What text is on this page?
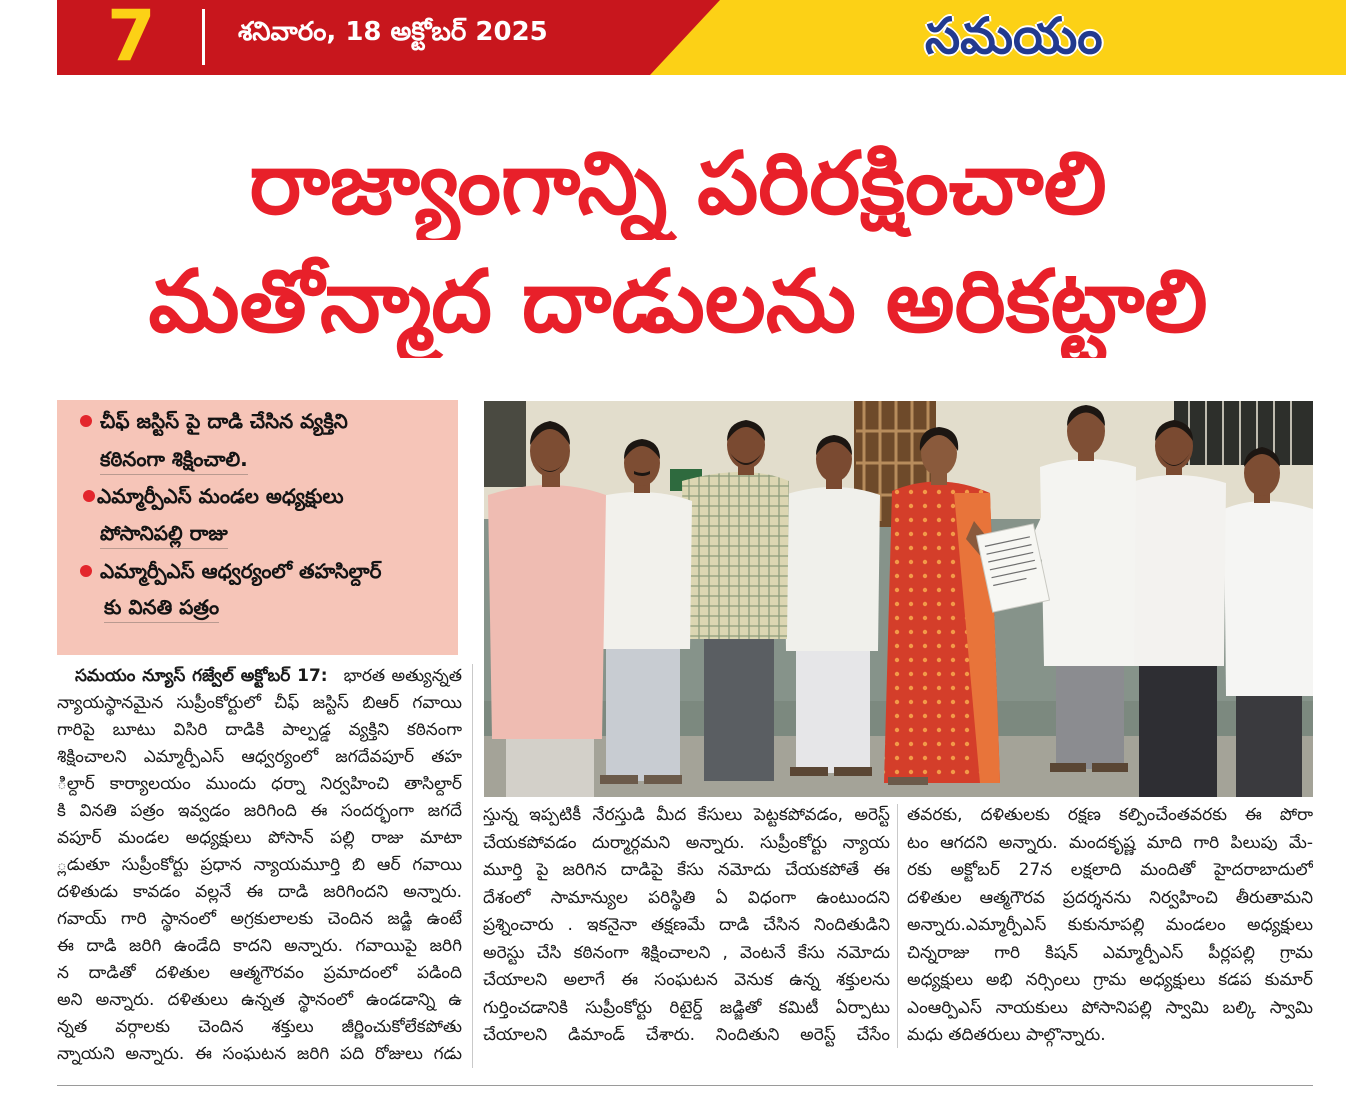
7	శనివారం, 18 అక్టోబర్ 2025	సమయం
రాజ్యాంగాన్ని పరిరక్షించాలి
మతోన్మాద దాడులను అరికట్టాలి
చీఫ్ జస్టిస్ పై దాడి చేసిన వ్యక్తిని
కఠినంగా శిక్షించాలి.
ఎమ్మార్పీఎస్ మండల అధ్యక్షులు
పోసానిపల్లి రాజు
ఎమ్మార్పీఎస్ ఆధ్వర్యంలో తహసిల్దార్
కు వినతి పత్రం
సమయం న్యూస్ గజ్వేల్ అక్టోబర్ 17: భారత అత్యున్నత
న్యాయస్థానమైన సుప్రీంకోర్టులో చీఫ్ జస్టిస్ బిఆర్ గవాయి
గారిపై బూటు విసిరి దాడికి పాల్పడ్డ వ్యక్తిని కఠినంగా
శిక్షించాలని ఎమ్మార్పీఎస్ ఆధ్వర్యంలో జగదేవపూర్ తహ
ిల్దార్ కార్యాలయం ముందు ధర్నా నిర్వహించి తాసిల్దార్
కి వినతి పత్రం ఇవ్వడం జరిగింది ఈ సందర్భంగా జగదే
వపూర్ మండల అధ్యక్షులు పోసాన్ పల్లి రాజు మాటా
్లడుతూ సుప్రీంకోర్టు ప్రధాన న్యాయమూర్తి బి ఆర్ గవాయి
దళితుడు కావడం వల్లనే ఈ దాడి జరిగిందని అన్నారు.
గవాయ్ గారి స్థానంలో అగ్రకులాలకు చెందిన జడ్జి ఉంటే
ఈ దాడి జరిగి ఉండేది కాదని అన్నారు. గవాయిపై జరిగి
న దాడితో దళితుల ఆత్మగౌరవం ప్రమాదంలో పడింది
అని అన్నారు. దళితులు ఉన్నత స్థానంలో ఉండడాన్ని ఉ
న్నత వర్గాలకు చెందిన శక్తులు జీర్ణించుకోలేకపోతు
న్నాయని అన్నారు. ఈ సంఘటన జరిగి పది రోజులు గడు
స్తున్న ఇప్పటికీ నేరస్తుడి మీద కేసులు పెట్టకపోవడం, అరెస్ట్
చేయకపోవడం దుర్మార్గమని అన్నారు. సుప్రీంకోర్టు న్యాయ
మూర్తి పై జరిగిన దాడిపై కేసు నమోదు చేయకపోతే ఈ
దేశంలో సామాన్యుల పరిస్థితి ఏ విధంగా ఉంటుందని
ప్రశ్నించారు . ఇకనైనా తక్షణమే దాడి చేసిన నిందితుడిని
అరెస్టు చేసి కఠినంగా శిక్షించాలని , వెంటనే కేసు నమోదు
చేయాలని అలాగే ఈ సంఘటన వెనుక ఉన్న శక్తులను
గుర్తించడానికి సుప్రీంకోర్టు రిటైర్డ్ జడ్జితో కమిటీ ఏర్పాటు
చేయాలని డిమాండ్ చేశారు. నిందితుని అరెస్ట్ చేసేం
తవరకు, దళితులకు రక్షణ కల్పించేంతవరకు ఈ పోరా
టం ఆగదని అన్నారు. మందకృష్ణ మాది గారి పిలుపు మే-
రకు అక్టోబర్ 27న లక్షలాది మందితో హైదరాబాదులో
దళితుల ఆత్మగౌరవ ప్రదర్శనను నిర్వహించి తీరుతామని
అన్నారు.ఎమ్మార్పీఎస్ కుకునూపల్లి మండలం అధ్యక్షులు
చిన్నరాజు గారి కిషన్ ఎమ్మార్పీఎస్ పీర్లపల్లి గ్రామ
అధ్యక్షులు అభి నర్సింలు గ్రామ అధ్యక్షులు కడప కుమార్
ఎంఆర్పిఎస్ నాయకులు పోసానిపల్లి స్వామి బల్కి స్వామి
మధు తదితరులు పాల్గొన్నారు.
